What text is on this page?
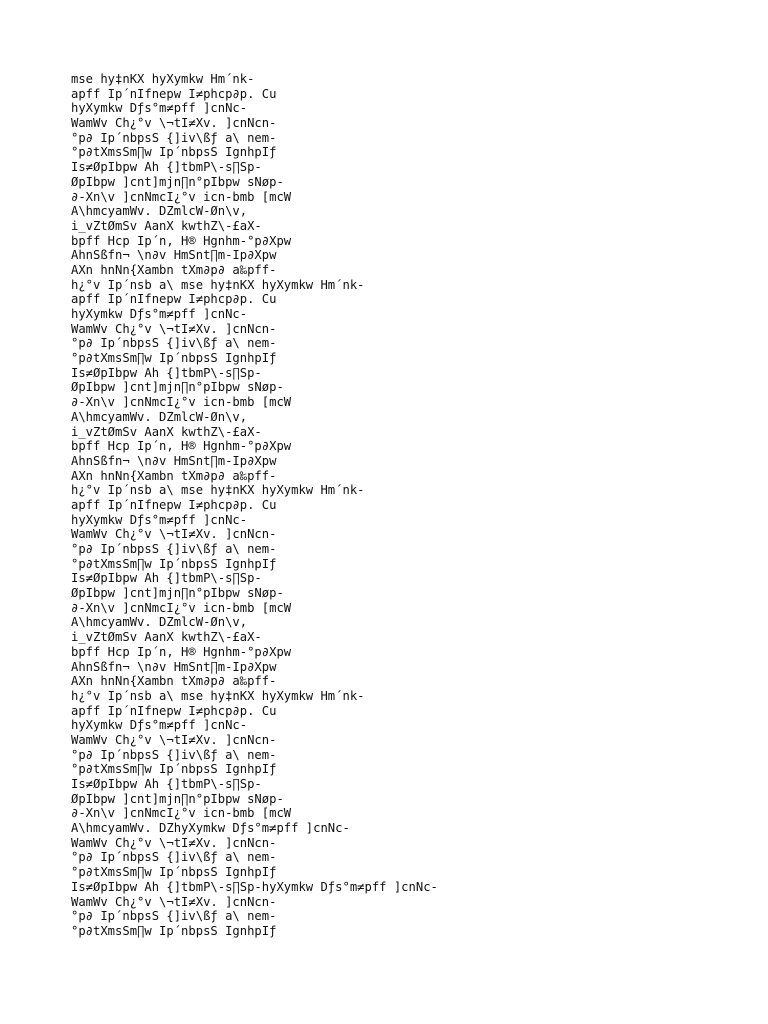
mse hy‡nKX hyXymkw Hm´nk-
apff Ip´nIfnepw I≠phcp∂p. Cu
hyXymkw Dƒs°m≠pff ]cnNc-
WamWv Ch¿°v \¬tI≠Xv. ]cnNcn-
°p∂ Ip´nbpsS {]iv\ßƒ a\ nem-
°p∂tXmsSm∏w Ip´nbpsS IgnhpIƒ
Is≠ØpIbpw Ah {]tbmP\-s∏Sp-
ØpIbpw ]cnt]mjn∏n°pIbpw sNøp-
∂-Xn\v ]cnNmcI¿°v icn-bmb [mcW
A\hmcyamWv. DZmlcW-Øn\v,
i_vZtØmSv AanX kwthZ\-£aX-
bpff Hcp Ip´n, H® Hgnhm-°p∂Xpw
AhnSßfn¬ \n∂v HmSnt∏m-Ip∂Xpw
AXn hnNn{Xambn tXm∂p∂ a‰pff-
h¿°v Ip´nsb a\ mse hy‡nKX hyXymkw Hm´nk-
apff Ip´nIfnepw I≠phcp∂p. Cu
hyXymkw Dƒs°m≠pff ]cnNc-
WamWv Ch¿°v \¬tI≠Xv. ]cnNcn-
°p∂ Ip´nbpsS {]iv\ßƒ a\ nem-
°p∂tXmsSm∏w Ip´nbpsS IgnhpIƒ
Is≠ØpIbpw Ah {]tbmP\-s∏Sp-
ØpIbpw ]cnt]mjn∏n°pIbpw sNøp-
∂-Xn\v ]cnNmcI¿°v icn-bmb [mcW
A\hmcyamWv. DZmlcW-Øn\v,
i_vZtØmSv AanX kwthZ\-£aX-
bpff Hcp Ip´n, H® Hgnhm-°p∂Xpw
AhnSßfn¬ \n∂v HmSnt∏m-Ip∂Xpw
AXn hnNn{Xambn tXm∂p∂ a‰pff-
h¿°v Ip´nsb a\ mse hy‡nKX hyXymkw Hm´nk-
apff Ip´nIfnepw I≠phcp∂p. Cu
hyXymkw Dƒs°m≠pff ]cnNc-
WamWv Ch¿°v \¬tI≠Xv. ]cnNcn-
°p∂ Ip´nbpsS {]iv\ßƒ a\ nem-
°p∂tXmsSm∏w Ip´nbpsS IgnhpIƒ
Is≠ØpIbpw Ah {]tbmP\-s∏Sp-
ØpIbpw ]cnt]mjn∏n°pIbpw sNøp-
∂-Xn\v ]cnNmcI¿°v icn-bmb [mcW
A\hmcyamWv. DZmlcW-Øn\v,
i_vZtØmSv AanX kwthZ\-£aX-
bpff Hcp Ip´n, H® Hgnhm-°p∂Xpw
AhnSßfn¬ \n∂v HmSnt∏m-Ip∂Xpw
AXn hnNn{Xambn tXm∂p∂ a‰pff-
h¿°v Ip´nsb a\ mse hy‡nKX hyXymkw Hm´nk-
apff Ip´nIfnepw I≠phcp∂p. Cu
hyXymkw Dƒs°m≠pff ]cnNc-
WamWv Ch¿°v \¬tI≠Xv. ]cnNcn-
°p∂ Ip´nbpsS {]iv\ßƒ a\ nem-
°p∂tXmsSm∏w Ip´nbpsS IgnhpIƒ
Is≠ØpIbpw Ah {]tbmP\-s∏Sp-
ØpIbpw ]cnt]mjn∏n°pIbpw sNøp-
∂-Xn\v ]cnNmcI¿°v icn-bmb [mcW
A\hmcyamWv. DZhyXymkw Dƒs°m≠pff ]cnNc-
WamWv Ch¿°v \¬tI≠Xv. ]cnNcn-
°p∂ Ip´nbpsS {]iv\ßƒ a\ nem-
°p∂tXmsSm∏w Ip´nbpsS IgnhpIƒ
Is≠ØpIbpw Ah {]tbmP\-s∏Sp-hyXymkw Dƒs°m≠pff ]cnNc-
WamWv Ch¿°v \¬tI≠Xv. ]cnNcn-
°p∂ Ip´nbpsS {]iv\ßƒ a\ nem-
°p∂tXmsSm∏w Ip´nbpsS IgnhpIƒ
